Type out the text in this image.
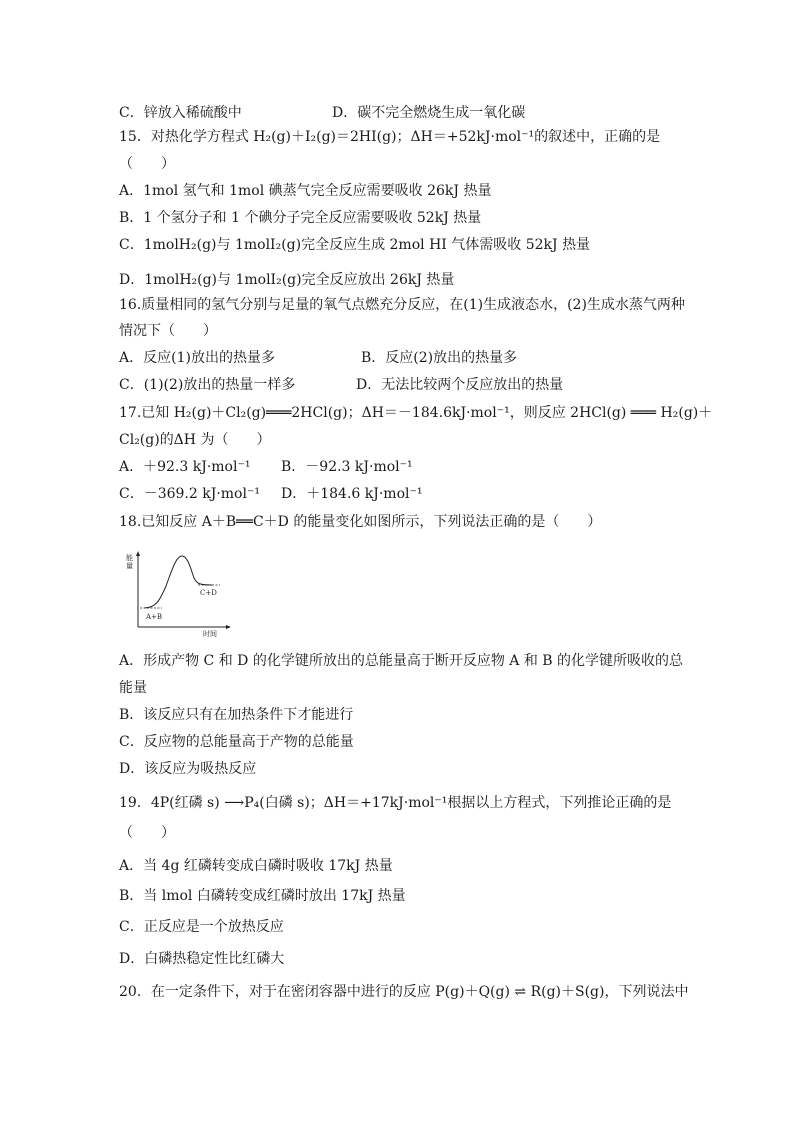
C．锌放入稀硫酸中	D．碳不完全燃烧生成一氧化碳
15．对热化学方程式 H₂(g)＋I₂(g)＝2HI(g)；ΔH＝+52kJ·mol⁻¹的叙述中，正确的是
（　　）
A．1mol 氢气和 1mol 碘蒸气完全反应需要吸收 26kJ 热量
B．1 个氢分子和 1 个碘分子完全反应需要吸收 52kJ 热量
C．1molH₂(g)与 1molI₂(g)完全反应生成 2mol HI 气体需吸收 52kJ 热量
D．1molH₂(g)与 1molI₂(g)完全反应放出 26kJ 热量
16.质量相同的氢气分别与足量的氧气点燃充分反应，在(1)生成液态水，(2)生成水蒸气两种
情况下（　　）
A．反应(1)放出的热量多	B．反应(2)放出的热量多
C．(1)(2)放出的热量一样多	D．无法比较两个反应放出的热量
17.已知 H₂(g)＋Cl₂(g)═══2HCl(g)；ΔH＝－184.6kJ·mol⁻¹，则反应 2HCl(g) ═══ H₂(g)＋
Cl₂(g)的ΔH 为（　　）
A．＋92.3 kJ·mol⁻¹ B．－92.3 kJ·mol⁻¹
C．－369.2 kJ·mol⁻¹ D．＋184.6 kJ·mol⁻¹
18.已知反应 A＋B══C＋D 的能量变化如图所示，下列说法正确的是（　　）
能
量
时间
A+B
C+D
A．形成产物 C 和 D 的化学键所放出的总能量高于断开反应物 A 和 B 的化学键所吸收的总
能量
B．该反应只有在加热条件下才能进行
C．反应物的总能量高于产物的总能量
D．该反应为吸热反应
19．4P(红磷 s) ⟶P₄(白磷 s)；ΔH＝+17kJ·mol⁻¹根据以上方程式，下列推论正确的是
（　　）
A．当 4g 红磷转变成白磷时吸收 17kJ 热量
B．当 lmol 白磷转变成红磷时放出 17kJ 热量
C．正反应是一个放热反应
D．白磷热稳定性比红磷大
20．在一定条件下，对于在密闭容器中进行的反应 P(g)＋Q(g) ⇌ R(g)＋S(g)，下列说法中
